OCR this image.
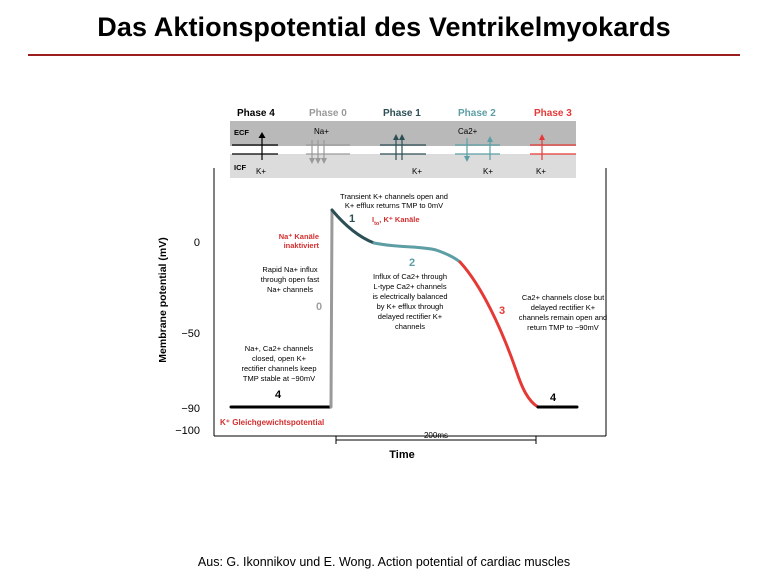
Das Aktionspotential des Ventrikelmyokards
Phase 4	Phase 0	Phase 1	Phase 2	Phase 3
ECF
ICF
Na+	Ca2+
K+	K+	K+	K+
0
−50
−90
−100
Membrane potential (mV)
4
0
1
2
3
4
Transient K+ channels open and
K+ efflux returns TMP to 0mV
$I_{to}$, K⁺ Kanäle
Na⁺ Kanäle
inaktiviert
Rapid Na+ influx
through open fast
Na+ channels
Influx of Ca2+ through
L-type Ca2+ channels
is electrically balanced
by K+ efflux through
delayed rectifier K+
channels
Ca2+ channels close but
delayed rectifier K+
channels remain open and
return TMP to −90mV
Na+, Ca2+ channels
closed, open K+
rectifier channels keep
TMP stable at −90mV
K⁺ Gleichgewichtspotential
200ms
Time
Aus: G. Ikonnikov und E. Wong. Action potential of cardiac muscles
